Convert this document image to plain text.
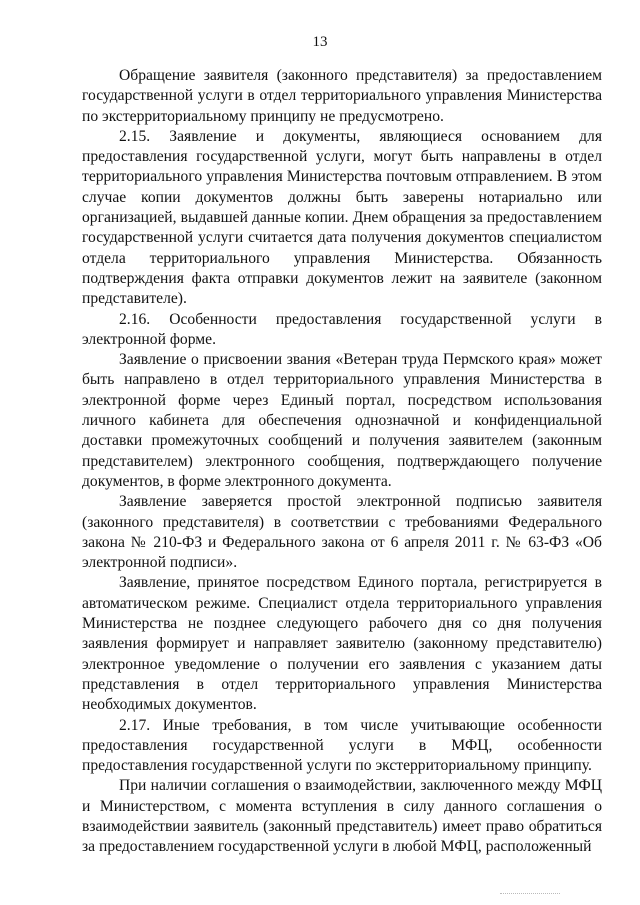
13

Обращение заявителя (законного представителя) за предоставлением государственной услуги в отдел территориального управления Министерства по экстерриториальному принципу не предусмотрено.

2.15. Заявление и документы, являющиеся основанием для предоставления государственной услуги, могут быть направлены в отдел территориального управления Министерства почтовым отправлением. В этом случае копии документов должны быть заверены нотариально или организацией, выдавшей данные копии. Днем обращения за предоставлением государственной услуги считается дата получения документов специалистом отдела территориального управления Министерства. Обязанность подтверждения факта отправки документов лежит на заявителе (законном представителе).

2.16. Особенности предоставления государственной услуги в электронной форме.

Заявление о присвоении звания «Ветеран труда Пермского края» может быть направлено в отдел территориального управления Министерства в электронной форме через Единый портал, посредством использования личного кабинета для обеспечения однозначной и конфиденциальной доставки промежуточных сообщений и получения заявителем (законным представителем) электронного сообщения, подтверждающего получение документов, в форме электронного документа.

Заявление заверяется простой электронной подписью заявителя (законного представителя) в соответствии с требованиями Федерального закона № 210-ФЗ и Федерального закона от 6 апреля 2011 г. № 63-ФЗ «Об электронной подписи».

Заявление, принятое посредством Единого портала, регистрируется в автоматическом режиме. Специалист отдела территориального управления Министерства не позднее следующего рабочего дня со дня получения заявления формирует и направляет заявителю (законному представителю) электронное уведомление о получении его заявления с указанием даты представления в отдел территориального управления Министерства необходимых документов.

2.17. Иные требования, в том числе учитывающие особенности предоставления государственной услуги в МФЦ, особенности предоставления государственной услуги по экстерриториальному принципу.

При наличии соглашения о взаимодействии, заключенного между МФЦ и Министерством, с момента вступления в силу данного соглашения о взаимодействии заявитель (законный представитель) имеет право обратиться за предоставлением государственной услуги в любой МФЦ, расположенный
